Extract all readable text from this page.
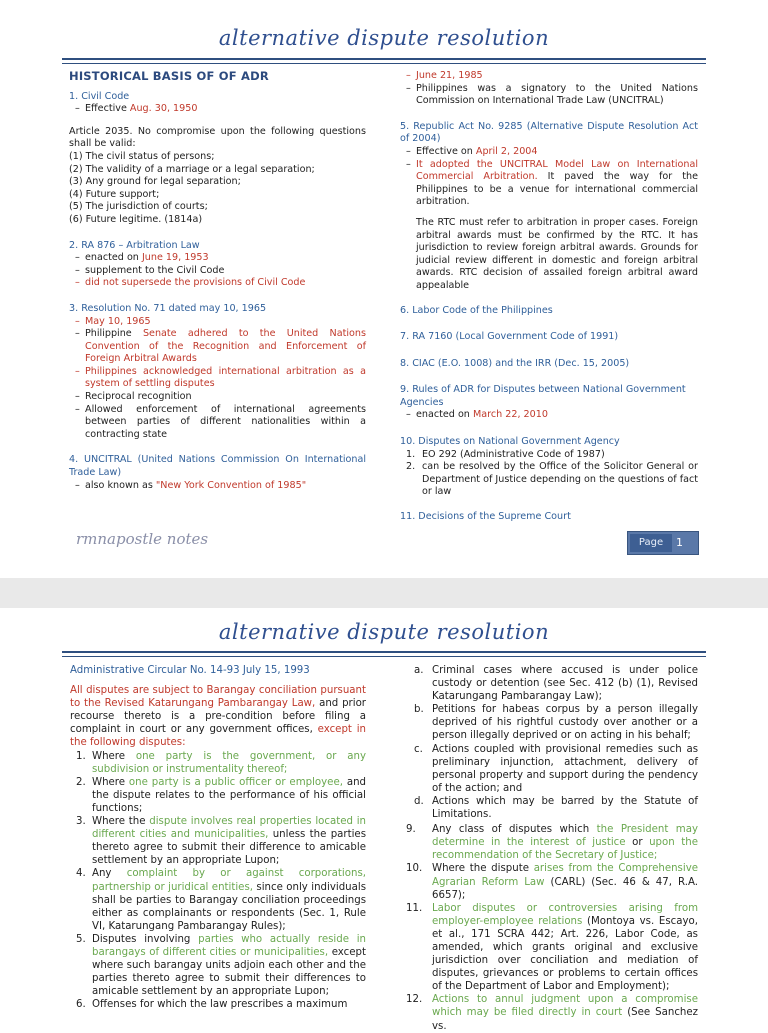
alternative dispute resolution
HISTORICAL BASIS OF OF ADR
1. Civil Code
– Effective Aug. 30, 1950
Article 2035. No compromise upon the following questions shall be valid:
(1) The civil status of persons;
(2) The validity of a marriage or a legal separation;
(3) Any ground for legal separation;
(4) Future support;
(5) The jurisdiction of courts;
(6) Future legitime. (1814a)
2. RA 876 – Arbitration Law
– enacted on June 19, 1953
– supplement to the Civil Code
– did not supersede the provisions of Civil Code
3. Resolution No. 71 dated may 10, 1965
– May 10, 1965
– Philippine Senate adhered to the United Nations Convention of the Recognition and Enforcement of Foreign Arbitral Awards
– Philippines acknowledged international arbitration as a system of settling disputes
– Reciprocal recognition
– Allowed enforcement of international agreements between parties of different nationalities within a contracting state
4. UNCITRAL (United Nations Commission On International Trade Law)
– also known as "New York Convention of 1985"
– June 21, 1985
– Philippines was a signatory to the United Nations Commission on International Trade Law (UNCITRAL)
5. Republic Act No. 9285 (Alternative Dispute Resolution Act of 2004)
– Effective on April 2, 2004
– It adopted the UNCITRAL Model Law on International Commercial Arbitration. It paved the way for the Philippines to be a venue for international commercial arbitration.
The RTC must refer to arbitration in proper cases. Foreign arbitral awards must be confirmed by the RTC. It has jurisdiction to review foreign arbitral awards. Grounds for judicial review different in domestic and foreign arbitral awards. RTC decision of assailed foreign arbitral award appealable
6. Labor Code of the Philippines
7. RA 7160 (Local Government Code of 1991)
8. CIAC (E.O. 1008) and the IRR (Dec. 15, 2005)
9. Rules of ADR for Disputes between National Government Agencies
– enacted on March 22, 2010
10. Disputes on National Government Agency
1. EO 292 (Administrative Code of 1987)
2. can be resolved by the Office of the Solicitor General or Department of Justice depending on the questions of fact or law
11. Decisions of the Supreme Court
rmnapostle notes	Page	1
alternative dispute resolution
Administrative Circular No. 14-93 July 15, 1993
All disputes are subject to Barangay conciliation pursuant to the Revised Katarungang Pambarangay Law, and prior recourse thereto is a pre-condition before filing a complaint in court or any government offices, except in the following disputes:
1. Where one party is the government, or any subdivision or instrumentality thereof;
2. Where one party is a public officer or employee, and the dispute relates to the performance of his official functions;
3. Where the dispute involves real properties located in different cities and municipalities, unless the parties thereto agree to submit their difference to amicable settlement by an appropriate Lupon;
4. Any complaint by or against corporations, partnership or juridical entities, since only individuals shall be parties to Barangay conciliation proceedings either as complainants or respondents (Sec. 1, Rule VI, Katarungang Pambarangay Rules);
5. Disputes involving parties who actually reside in barangays of different cities or municipalities, except where such barangay units adjoin each other and the parties thereto agree to submit their differences to amicable settlement by an appropriate Lupon;
6. Offenses for which the law prescribes a maximum
a. Criminal cases where accused is under police custody or detention (see Sec. 412 (b) (1), Revised Katarungang Pambarangay Law);
b. Petitions for habeas corpus by a person illegally deprived of his rightful custody over another or a person illegally deprived or on acting in his behalf;
c. Actions coupled with provisional remedies such as preliminary injunction, attachment, delivery of personal property and support during the pendency of the action; and
d. Actions which may be barred by the Statute of Limitations.
9. Any class of disputes which the President may determine in the interest of justice or upon the recommendation of the Secretary of Justice;
10. Where the dispute arises from the Comprehensive Agrarian Reform Law (CARL) (Sec. 46 & 47, R.A. 6657);
11. Labor disputes or controversies arising from employer-employee relations (Montoya vs. Escayo, et al., 171 SCRA 442; Art. 226, Labor Code, as amended, which grants original and exclusive jurisdiction over conciliation and mediation of disputes, grievances or problems to certain offices of the Department of Labor and Employment);
12. Actions to annul judgment upon a compromise which may be filed directly in court (See Sanchez vs.
